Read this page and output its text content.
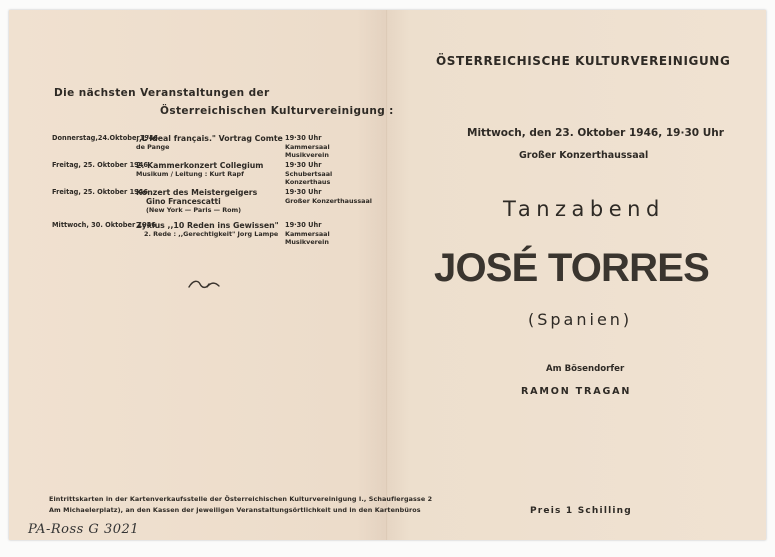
Die nächsten Veranstaltungen der

Österreichischen Kulturvereinigung :

Donnerstag,24.Oktober1946
,,L'Ideal français." Vortrag Comte
de Pange
19·30 Uhr
Kammersaal Musikverein
Freitag, 25. Oktober 1946
2. Kammerkonzert Collegium
Musikum / Leitung : Kurt Rapf
19·30 Uhr
Schubertsaal Konzerthaus
Freitag, 25. Oktober 1946
Konzert des Meistergeigers
Gino Francescatti
(New York — Paris — Rom)
19·30 Uhr
Großer Konzerthaussaal
Mittwoch, 30. Oktober 1946
Zyklus ,,10 Reden ins Gewissen"
2. Rede : ,,Gerechtigkeit" Jorg Lampe
19·30 Uhr
Kammersaal Musikverein

Eintrittskarten in der Kartenverkaufsstelle der Österreichischen Kulturvereinigung I., Schauflergasse 2

Am Michaelerplatz), an den Kassen der jeweiligen Veranstaltungsörtlichkeit und in den Kartenbüros

ÖSTERREICHISCHE KULTURVEREINIGUNG

Mittwoch, den 23. Oktober 1946, 19·30 Uhr

Großer Konzerthaussaal

Tanzabend

JOSÉ TORRES

(Spanien)

Am Bösendorfer

RAMON TRAGAN

Preis 1 Schilling

PA-Ross G 3021
